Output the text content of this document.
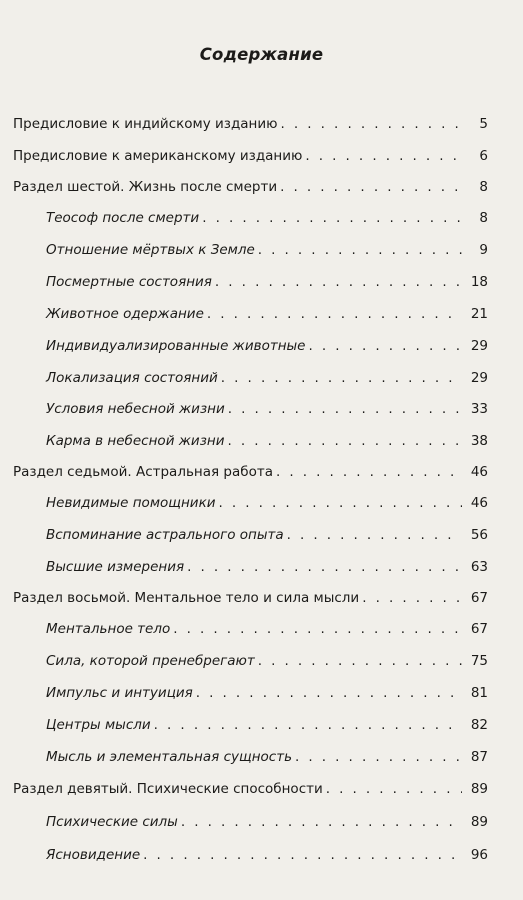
Содержание
Предисловие к индийскому изданию . . .	5
Предисловие к американскому изданию . . .	6
Раздел шестой. Жизнь после смерти . . .	8
Теософ после смерти . . .	8
Отношение мёртвых к Земле . . .	9
Посмертные состояния . . .	18
Животное одержание . . .	21
Индивидуализированные животные . . .	29
Локализация состояний . . .	29
Условия небесной жизни . . .	33
Карма в небесной жизни . . .	38
Раздел седьмой. Астральная работа . . .	46
Невидимые помощники . . .	46
Вспоминание астрального опыта . . .	56
Высшие измерения . . .	63
Раздел восьмой. Ментальное тело и сила мысли . . .	67
Ментальное тело . . .	67
Сила, которой пренебрегают . . .	75
Импульс и интуиция . . .	81
Центры мысли . . .	82
Мысль и элементальная сущность . . .	87
Раздел девятый. Психические способности . . .	89
Психические силы . . .	89
Ясновидение . . .	96
